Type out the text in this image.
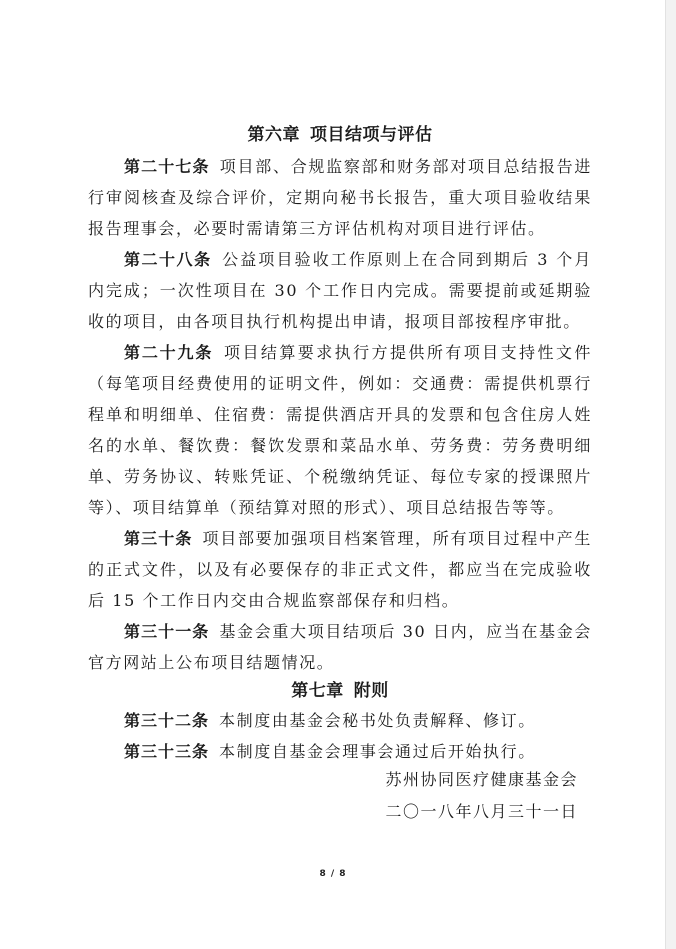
第六章 项目结项与评估

第二十七条 项目部、合规监察部和财务部对项目总结报告进行审阅核查及综合评价，定期向秘书长报告，重大项目验收结果报告理事会，必要时需请第三方评估机构对项目进行评估。

第二十八条 公益项目验收工作原则上在合同到期后 3 个月内完成；一次性项目在 30 个工作日内完成。需要提前或延期验收的项目，由各项目执行机构提出申请，报项目部按程序审批。

第二十九条 项目结算要求执行方提供所有项目支持性文件（每笔项目经费使用的证明文件，例如：交通费：需提供机票行程单和明细单、住宿费：需提供酒店开具的发票和包含住房人姓名的水单、餐饮费：餐饮发票和菜品水单、劳务费：劳务费明细单、劳务协议、转账凭证、个税缴纳凭证、每位专家的授课照片等）、项目结算单（预结算对照的形式）、项目总结报告等等。

第三十条 项目部要加强项目档案管理，所有项目过程中产生的正式文件，以及有必要保存的非正式文件，都应当在完成验收后 15 个工作日内交由合规监察部保存和归档。

第三十一条 基金会重大项目结项后 30 日内，应当在基金会官方网站上公布项目结题情况。

第七章 附则

第三十二条 本制度由基金会秘书处负责解释、修订。

第三十三条 本制度自基金会理事会通过后开始执行。

苏州协同医疗健康基金会
二〇一八年八月三十一日
8 / 8
